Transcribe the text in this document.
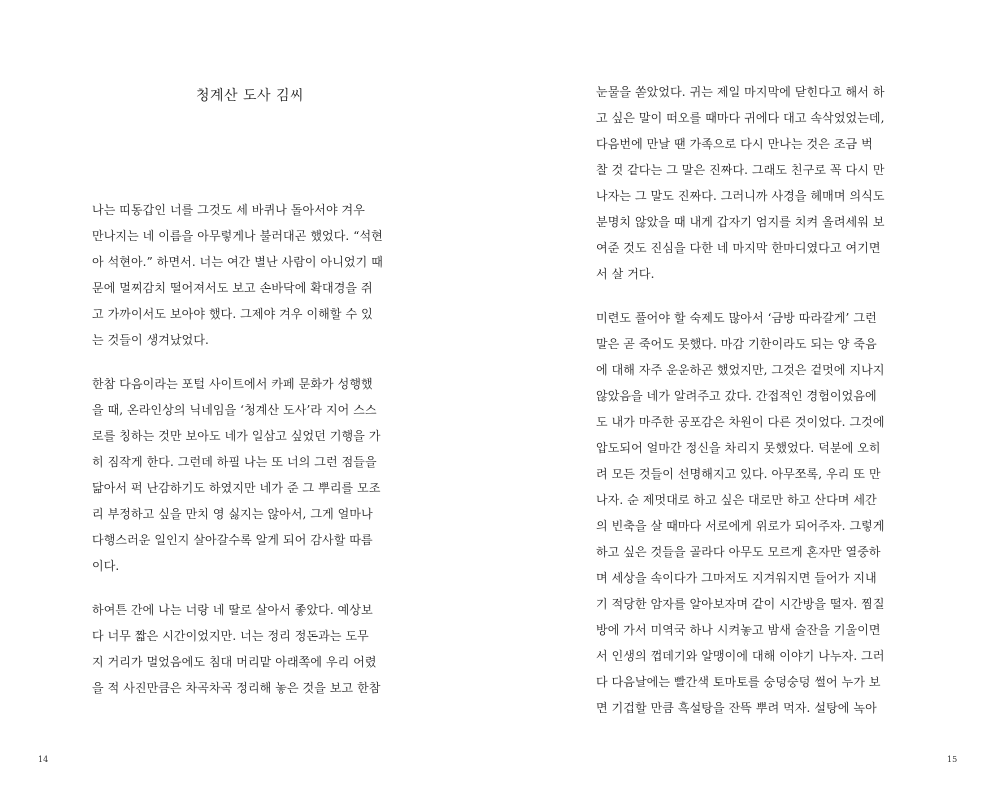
청계산 도사 김씨
나는 띠동갑인 너를 그것도 세 바퀴나 돌아서야 겨우
만나지는 네 이름을 아무렇게나 불러대곤 했었다. “석현
아 석현아.” 하면서. 너는 여간 별난 사람이 아니었기 때
문에 멀찌감치 떨어져서도 보고 손바닥에 확대경을 쥐
고 가까이서도 보아야 했다. 그제야 겨우 이해할 수 있
는 것들이 생겨났었다.
한참 다음이라는 포털 사이트에서 카페 문화가 성행했
을 때, 온라인상의 닉네임을 ‘청계산 도사’라 지어 스스
로를 칭하는 것만 보아도 네가 일삼고 싶었던 기행을 가
히 짐작게 한다. 그런데 하필 나는 또 너의 그런 점들을
닮아서 퍽 난감하기도 하였지만 네가 준 그 뿌리를 모조
리 부정하고 싶을 만치 영 싫지는 않아서, 그게 얼마나
다행스러운 일인지 살아갈수록 알게 되어 감사할 따름
이다.
하여튼 간에 나는 너랑 네 딸로 살아서 좋았다. 예상보
다 너무 짧은 시간이었지만. 너는 정리 정돈과는 도무
지 거리가 멀었음에도 침대 머리맡 아래쪽에 우리 어렸
을 적 사진만큼은 차곡차곡 정리해 놓은 것을 보고 한참
14
눈물을 쏟았었다. 귀는 제일 마지막에 닫힌다고 해서 하
고 싶은 말이 떠오를 때마다 귀에다 대고 속삭었었는데,
다음번에 만날 땐 가족으로 다시 만나는 것은 조금 벅
찰 것 같다는 그 말은 진짜다. 그래도 친구로 꼭 다시 만
나자는 그 말도 진짜다. 그러니까 사경을 헤매며 의식도
분명치 않았을 때 내게 갑자기 엄지를 치켜 올려세워 보
여준 것도 진심을 다한 네 마지막 한마디였다고 여기면
서 살 거다.
미련도 풀어야 할 숙제도 많아서 ‘금방 따라갈게’ 그런
말은 곧 죽어도 못했다. 마감 기한이라도 되는 양 죽음
에 대해 자주 운운하곤 했었지만, 그것은 겉멋에 지나지
않았음을 네가 알려주고 갔다. 간접적인 경험이었음에
도 내가 마주한 공포감은 차원이 다른 것이었다. 그것에
압도되어 얼마간 정신을 차리지 못했었다. 덕분에 오히
려 모든 것들이 선명해지고 있다. 아무쪼록, 우리 또 만
나자. 순 제멋대로 하고 싶은 대로만 하고 산다며 세간
의 빈축을 살 때마다 서로에게 위로가 되어주자. 그렇게
하고 싶은 것들을 골라다 아무도 모르게 혼자만 열중하
며 세상을 속이다가 그마저도 지겨워지면 들어가 지내
기 적당한 암자를 알아보자며 같이 시간방을 떨자. 찜질
방에 가서 미역국 하나 시켜놓고 밤새 술잔을 기울이면
서 인생의 껍데기와 알맹이에 대해 이야기 나누자. 그러
다 다음날에는 빨간색 토마토를 숭덩숭덩 썰어 누가 보
면 기겁할 만큼 흑설탕을 잔뜩 뿌려 먹자. 설탕에 녹아
15
